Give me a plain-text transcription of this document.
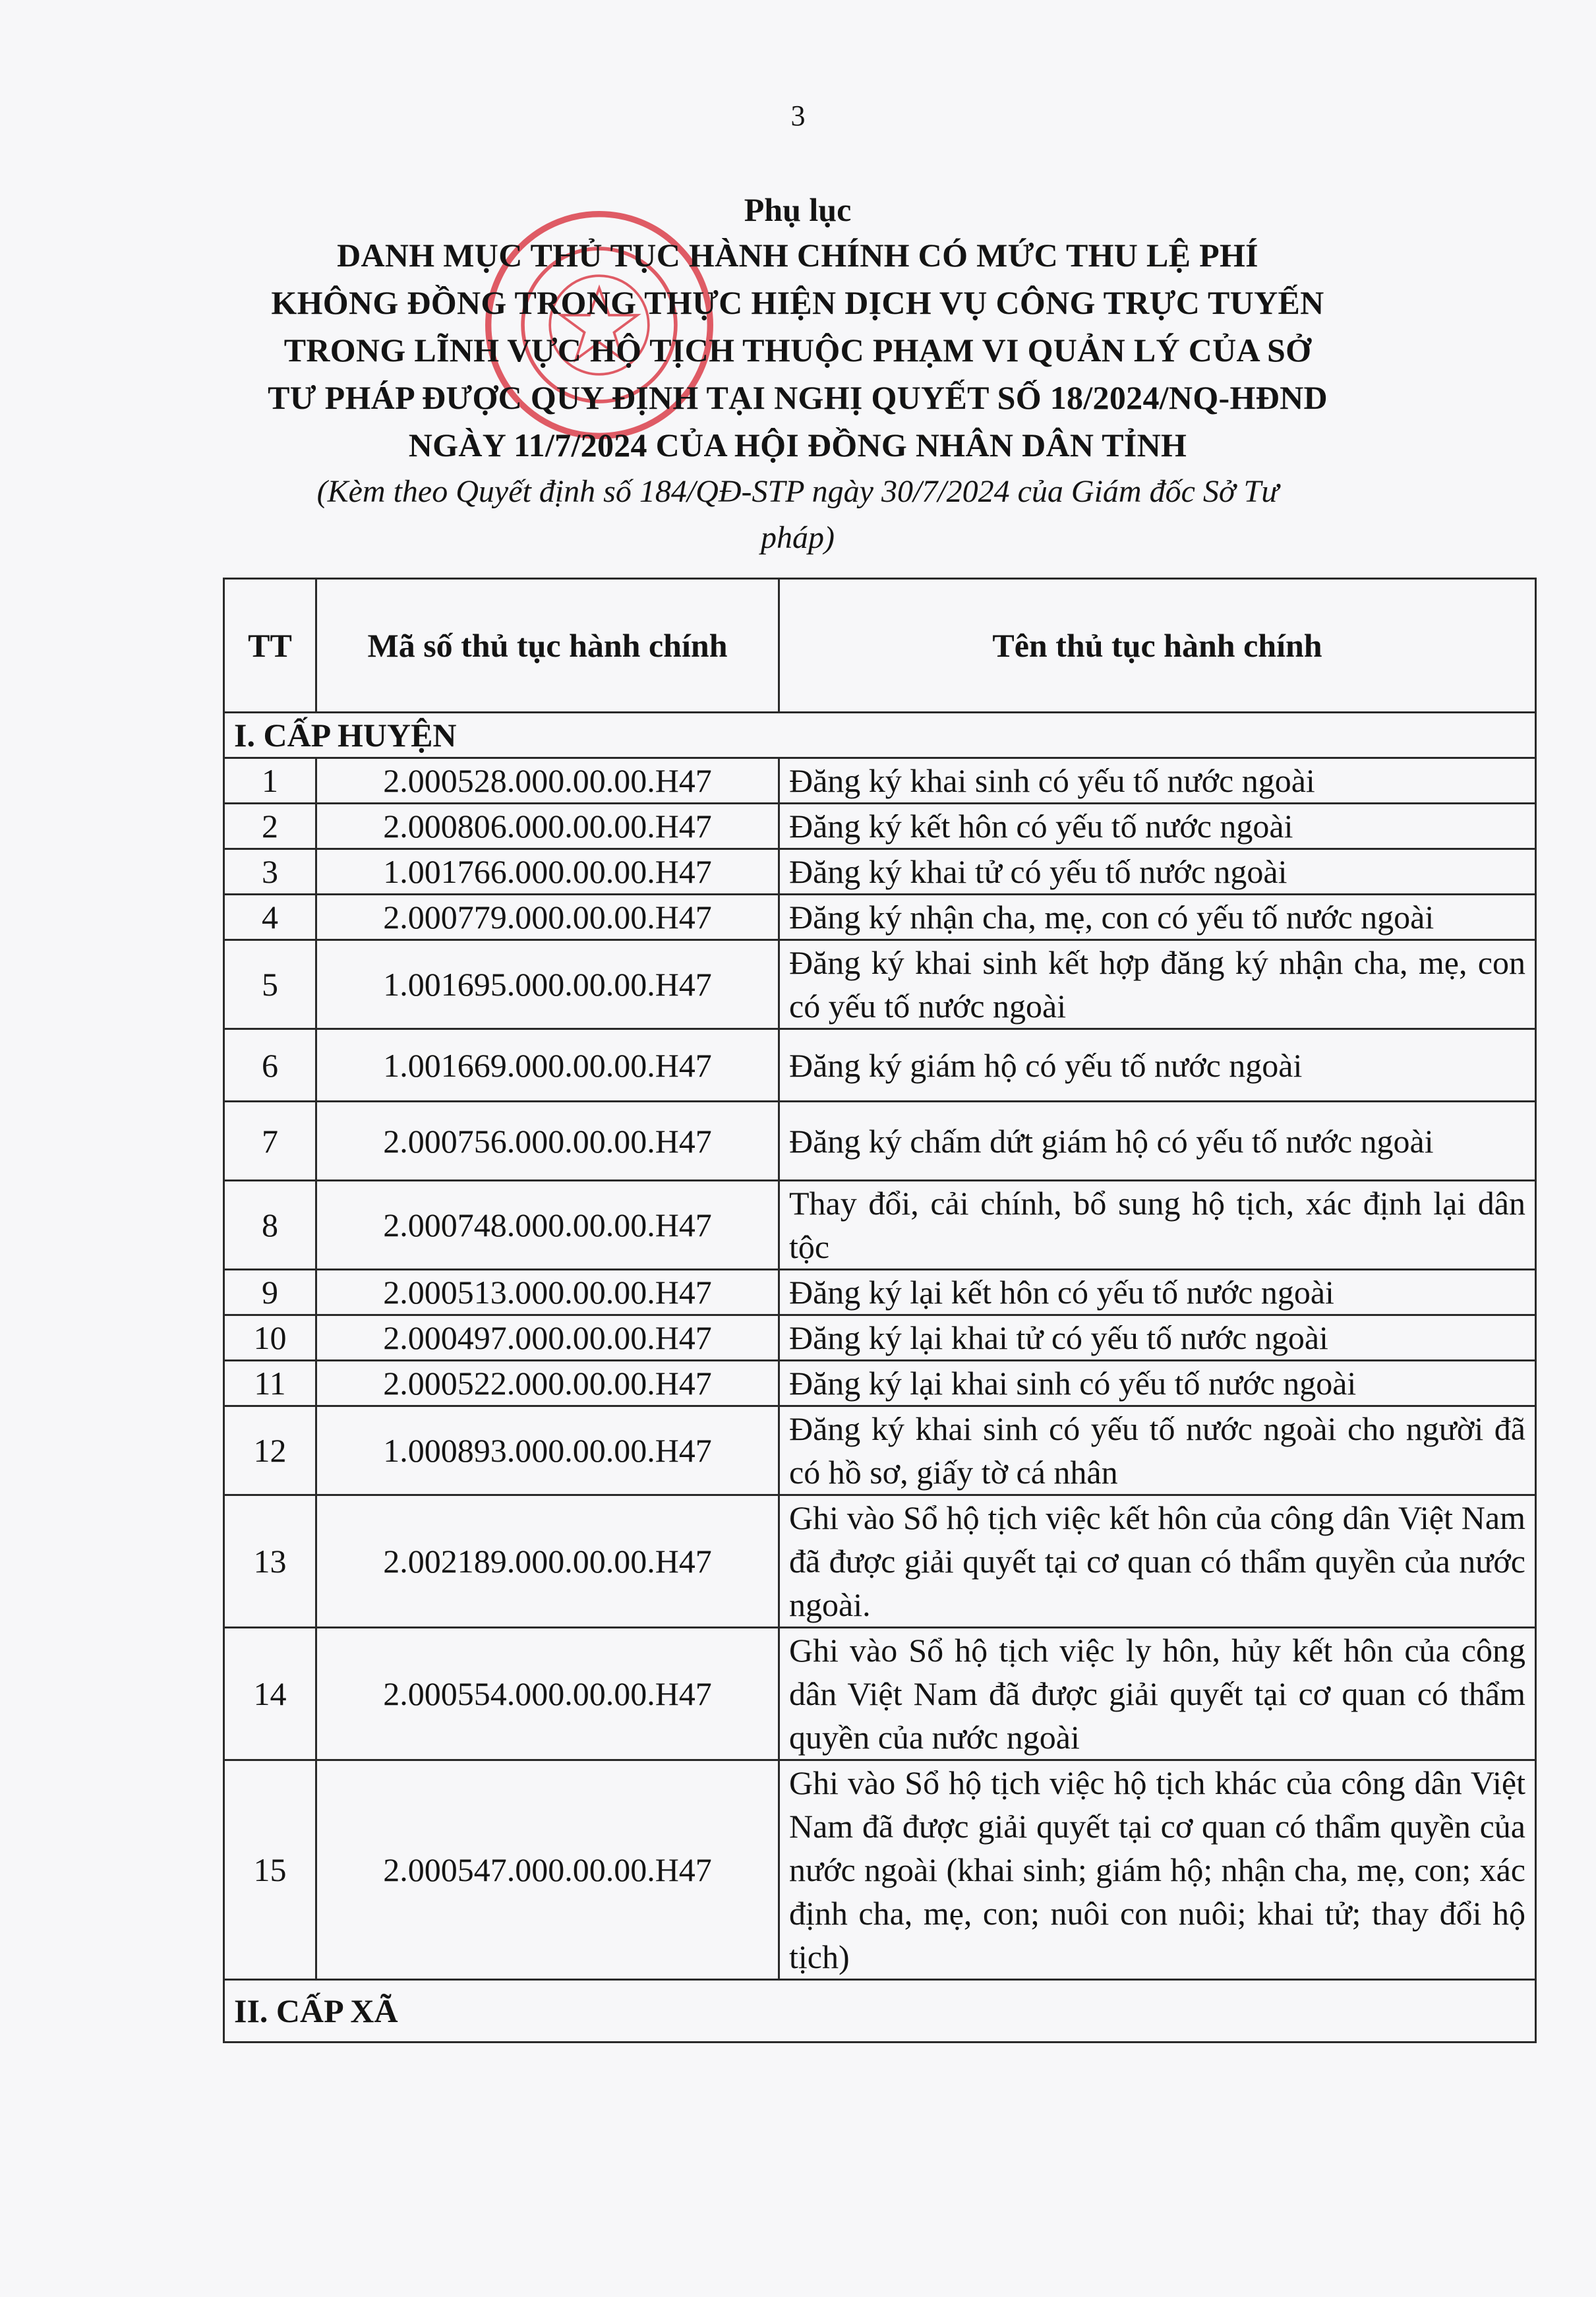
3
Phụ lục
DANH MỤC THỦ TỤC HÀNH CHÍNH CÓ MỨC THU LỆ PHÍ
KHÔNG ĐỒNG TRONG THỰC HIỆN DỊCH VỤ CÔNG TRỰC TUYẾN
TRONG LĨNH VỰC HỘ TỊCH THUỘC PHẠM VI QUẢN LÝ CỦA SỞ
TƯ PHÁP ĐƯỢC QUY ĐỊNH TẠI NGHỊ QUYẾT SỐ 18/2024/NQ-HĐND
NGÀY 11/7/2024 CỦA HỘI ĐỒNG NHÂN DÂN TỈNH
(Kèm theo Quyết định số 184/QĐ-STP ngày 30/7/2024 của Giám đốc Sở Tư
pháp)
TT	Mã số thủ tục hành chính	Tên thủ tục hành chính
I. CẤP HUYỆN		
1	2.000528.000.00.00.H47	Đăng ký khai sinh có yếu tố nước ngoài
2	2.000806.000.00.00.H47	Đăng ký kết hôn có yếu tố nước ngoài
3	1.001766.000.00.00.H47	Đăng ký khai tử có yếu tố nước ngoài
4	2.000779.000.00.00.H47	Đăng ký nhận cha, mẹ, con có yếu tố nước ngoài
5	1.001695.000.00.00.H47	Đăng ký khai sinh kết hợp đăng ký nhận cha, mẹ, con có yếu tố nước ngoài
6	1.001669.000.00.00.H47	Đăng ký giám hộ có yếu tố nước ngoài
7	2.000756.000.00.00.H47	Đăng ký chấm dứt giám hộ có yếu tố nước ngoài
8	2.000748.000.00.00.H47	Thay đổi, cải chính, bổ sung hộ tịch, xác định lại dân tộc
9	2.000513.000.00.00.H47	Đăng ký lại kết hôn có yếu tố nước ngoài
10	2.000497.000.00.00.H47	Đăng ký lại khai tử có yếu tố nước ngoài
11	2.000522.000.00.00.H47	Đăng ký lại khai sinh có yếu tố nước ngoài
12	1.000893.000.00.00.H47	Đăng ký khai sinh có yếu tố nước ngoài cho người đã có hồ sơ, giấy tờ cá nhân
13	2.002189.000.00.00.H47	Ghi vào Sổ hộ tịch việc kết hôn của công dân Việt Nam đã được giải quyết tại cơ quan có thẩm quyền của nước ngoài.
14	2.000554.000.00.00.H47	Ghi vào Sổ hộ tịch việc ly hôn, hủy kết hôn của công dân Việt Nam đã được giải quyết tại cơ quan có thẩm quyền của nước ngoài
15	2.000547.000.00.00.H47	Ghi vào Sổ hộ tịch việc hộ tịch khác của công dân Việt Nam đã được giải quyết tại cơ quan có thẩm quyền của nước ngoài (khai sinh; giám hộ; nhận cha, mẹ, con; xác định cha, mẹ, con; nuôi con nuôi; khai tử; thay đổi hộ tịch)
II. CẤP XÃ		
